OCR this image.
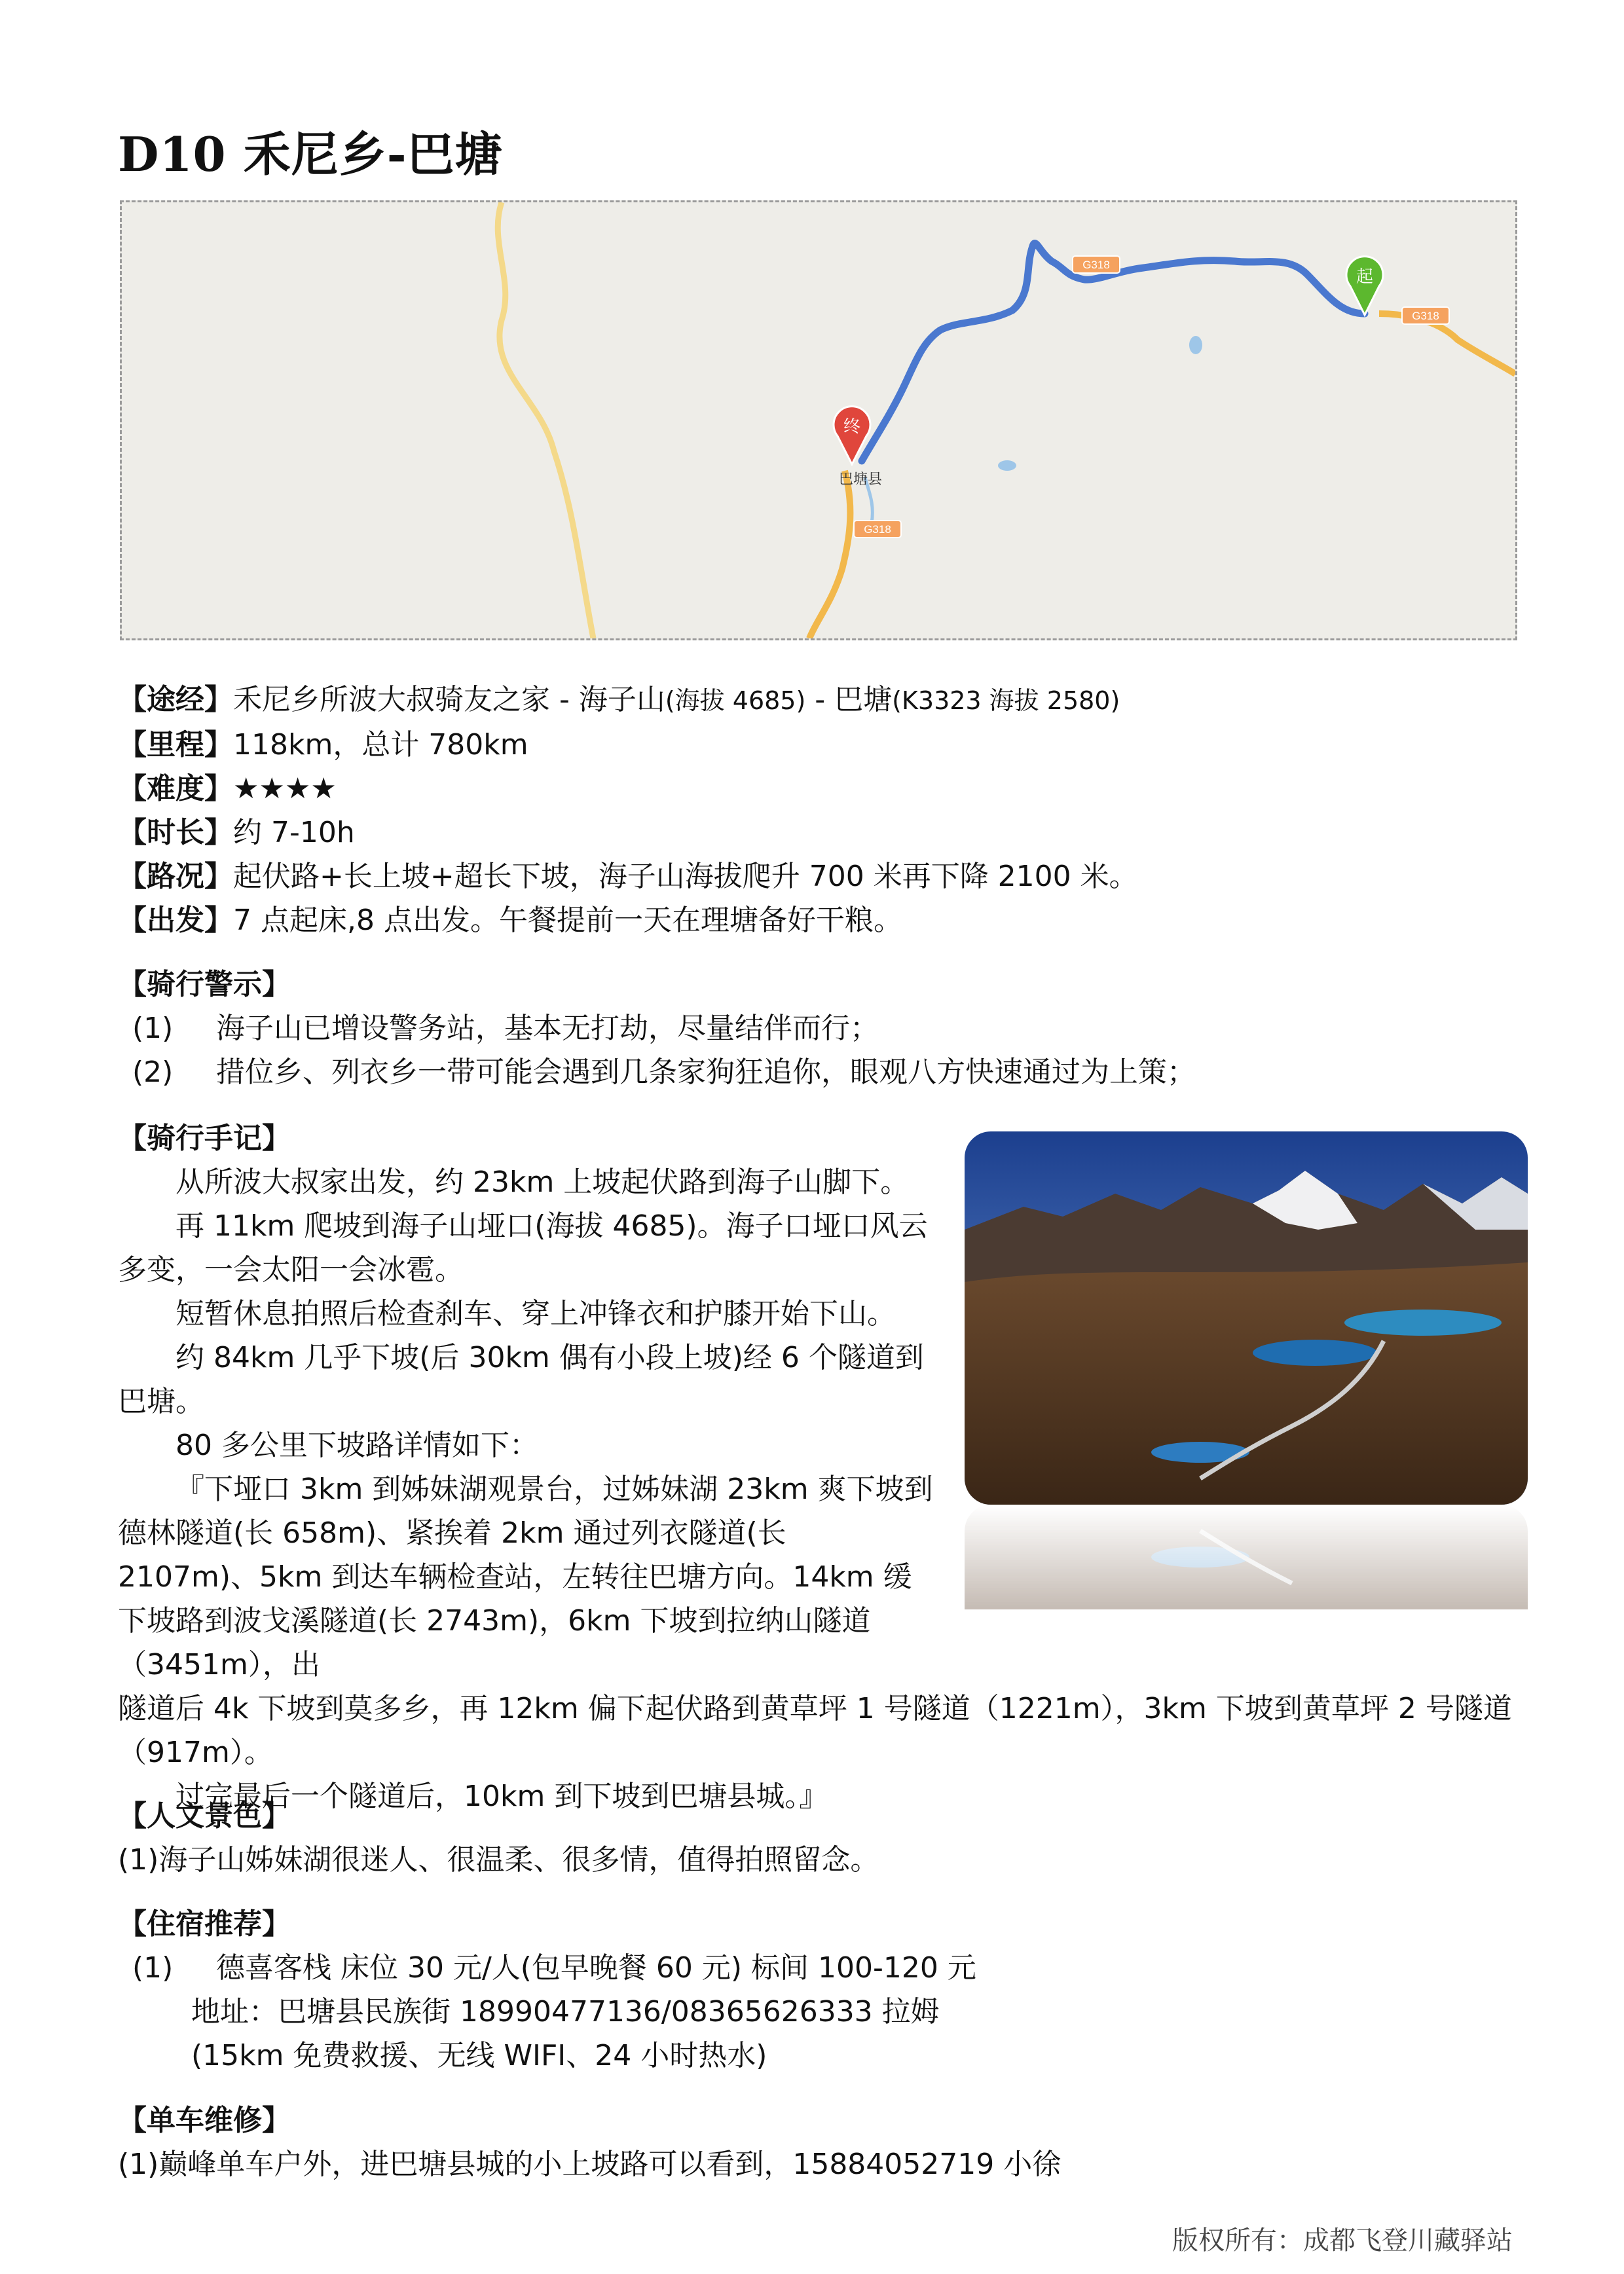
D10 禾尼乡-巴塘
G318
G318
G318
巴塘县
起
终
【途经】禾尼乡所波大叔骑友之家 - 海子山(海拔 4685) - 巴塘(K3323 海拔 2580)
【里程】118km，总计 780km
【难度】★★★★
【时长】约 7-10h
【路况】起伏路+长上坡+超长下坡，海子山海拔爬升 700 米再下降 2100 米。
【出发】7 点起床,8 点出发。午餐提前一天在理塘备好干粮。
【骑行警示】
(1) 海子山已增设警务站，基本无打劫，尽量结伴而行；
(2) 措位乡、列衣乡一带可能会遇到几条家狗狂追你，眼观八方快速通过为上策；
【骑行手记】

从所波大叔家出发，约 23km 上坡起伏路到海子山脚下。

再 11km 爬坡到海子山垭口(海拔 4685)。海子口垭口风云多变，一会太阳一会冰雹。

短暂休息拍照后检查刹车、穿上冲锋衣和护膝开始下山。

约 84km 几乎下坡(后 30km 偶有小段上坡)经 6 个隧道到巴塘。

80 多公里下坡路详情如下：

『下垭口 3km 到姊妹湖观景台，过姊妹湖 23km 爽下坡到德林隧道(长 658m)、紧挨着 2km 通过列衣隧道(长 2107m)、5km 到达车辆检查站，左转往巴塘方向。14km 缓下坡路到波戈溪隧道(长 2743m)，6km 下坡到拉纳山隧道（3451m），出

隧道后 4k 下坡到莫多乡，再 12km 偏下起伏路到黄草坪 1 号隧道（1221m），3km 下坡到黄草坪 2 号隧道（917m）。

过完最后一个隧道后，10km 到下坡到巴塘县城。』

【人文景色】
(1)海子山姊妹湖很迷人、很温柔、很多情，值得拍照留念。
【住宿推荐】
(1) 德喜客栈 床位 30 元/人(包早晚餐 60 元) 标间 100-120 元
地址：巴塘县民族街 18990477136/08365626333 拉姆
(15km 免费救援、无线 WIFI、24 小时热水)
【单车维修】
(1)巅峰单车户外，进巴塘县城的小上坡路可以看到，15884052719 小徐
版权所有：成都飞登川藏驿站
